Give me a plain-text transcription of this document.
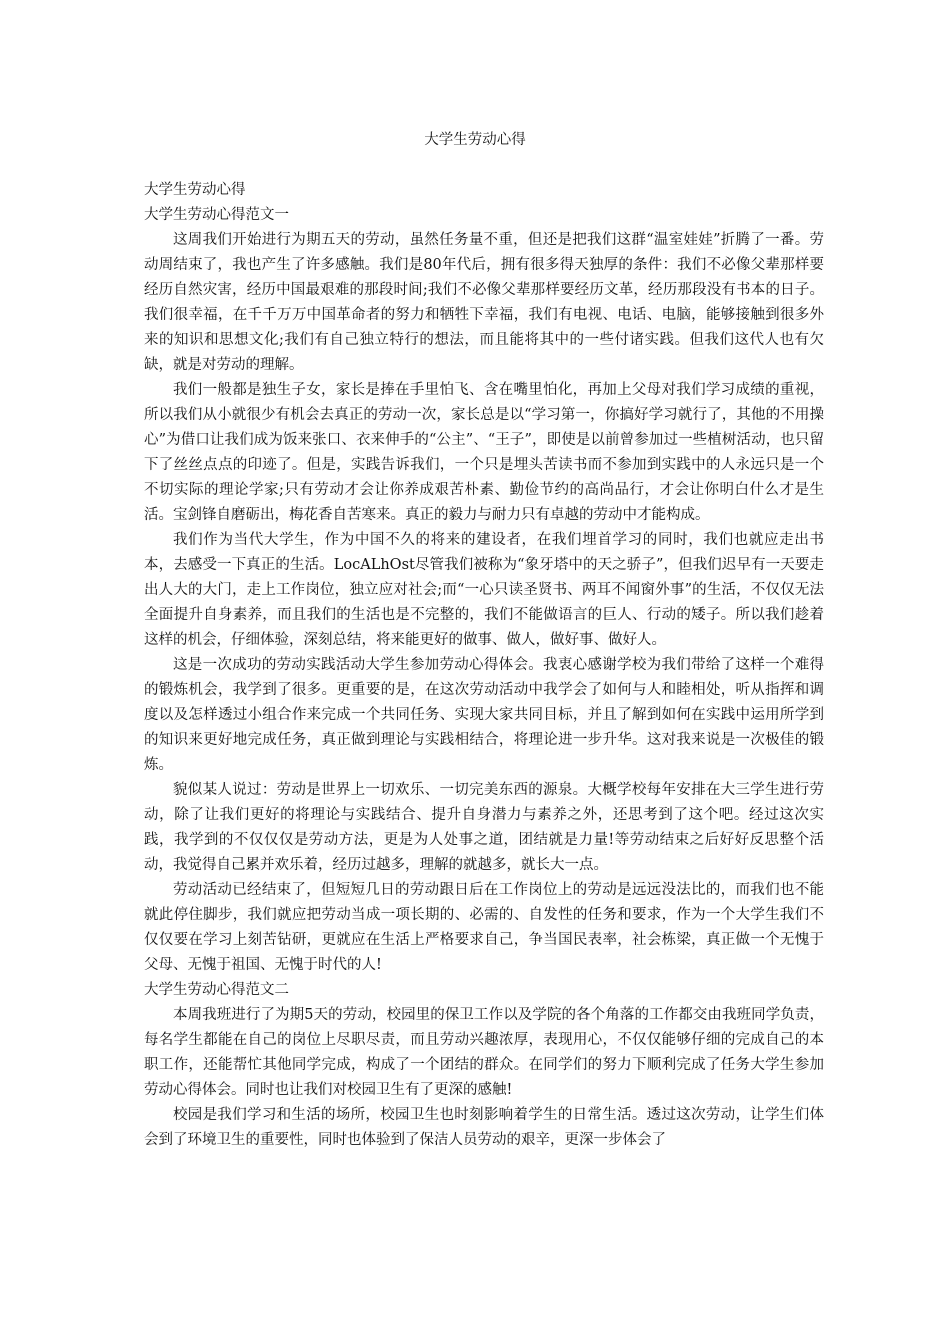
大学生劳动心得
大学生劳动心得
大学生劳动心得范文一

这周我们开始进行为期五天的劳动，虽然任务量不重，但还是把我们这群“温室娃娃”折腾了一番。劳动周结束了，我也产生了许多感触。我们是80年代后，拥有很多得天独厚的条件：我们不必像父辈那样要经历自然灾害，经历中国最艰难的那段时间;我们不必像父辈那样要经历文革，经历那段没有书本的日子。我们很幸福，在千千万万中国革命者的努力和牺牲下幸福，我们有电视、电话、电脑，能够接触到很多外来的知识和思想文化;我们有自己独立特行的想法，而且能将其中的一些付诸实践。但我们这代人也有欠缺，就是对劳动的理解。

我们一般都是独生子女，家长是捧在手里怕飞、含在嘴里怕化，再加上父母对我们学习成绩的重视，所以我们从小就很少有机会去真正的劳动一次，家长总是以“学习第一，你搞好学习就行了，其他的不用操心”为借口让我们成为饭来张口、衣来伸手的“公主”、“王子”，即使是以前曾参加过一些植树活动，也只留下了丝丝点点的印迹了。但是，实践告诉我们，一个只是埋头苦读书而不参加到实践中的人永远只是一个不切实际的理论学家;只有劳动才会让你养成艰苦朴素、勤俭节约的高尚品行，才会让你明白什么才是生活。宝剑锋自磨砺出，梅花香自苦寒来。真正的毅力与耐力只有卓越的劳动中才能构成。

我们作为当代大学生，作为中国不久的将来的建设者，在我们埋首学习的同时，我们也就应走出书本，去感受一下真正的生活。LocALhOst尽管我们被称为“象牙塔中的天之骄子”，但我们迟早有一天要走出人大的大门，走上工作岗位，独立应对社会;而“一心只读圣贤书、两耳不闻窗外事”的生活，不仅仅无法全面提升自身素养，而且我们的生活也是不完整的，我们不能做语言的巨人、行动的矮子。所以我们趁着这样的机会，仔细体验，深刻总结，将来能更好的做事、做人，做好事、做好人。

这是一次成功的劳动实践活动大学生参加劳动心得体会。我衷心感谢学校为我们带给了这样一个难得的锻炼机会，我学到了很多。更重要的是，在这次劳动活动中我学会了如何与人和睦相处，听从指挥和调度以及怎样透过小组合作来完成一个共同任务、实现大家共同目标，并且了解到如何在实践中运用所学到的知识来更好地完成任务，真正做到理论与实践相结合，将理论进一步升华。这对我来说是一次极佳的锻炼。

貌似某人说过：劳动是世界上一切欢乐、一切完美东西的源泉。大概学校每年安排在大三学生进行劳动，除了让我们更好的将理论与实践结合、提升自身潜力与素养之外，还思考到了这个吧。经过这次实践，我学到的不仅仅仅是劳动方法，更是为人处事之道，团结就是力量!等劳动结束之后好好反思整个活动，我觉得自己累并欢乐着，经历过越多，理解的就越多，就长大一点。

劳动活动已经结束了，但短短几日的劳动跟日后在工作岗位上的劳动是远远没法比的，而我们也不能就此停住脚步，我们就应把劳动当成一项长期的、必需的、自发性的任务和要求，作为一个大学生我们不仅仅要在学习上刻苦钻研，更就应在生活上严格要求自己，争当国民表率，社会栋梁，真正做一个无愧于父母、无愧于祖国、无愧于时代的人!

大学生劳动心得范文二

本周我班进行了为期5天的劳动，校园里的保卫工作以及学院的各个角落的工作都交由我班同学负责，每名学生都能在自己的岗位上尽职尽责，而且劳动兴趣浓厚，表现用心，不仅仅能够仔细的完成自己的本职工作，还能帮忙其他同学完成，构成了一个团结的群众。在同学们的努力下顺利完成了任务大学生参加劳动心得体会。同时也让我们对校园卫生有了更深的感触!

校园是我们学习和生活的场所，校园卫生也时刻影响着学生的日常生活。透过这次劳动，让学生们体会到了环境卫生的重要性，同时也体验到了保洁人员劳动的艰辛，更深一步体会了
